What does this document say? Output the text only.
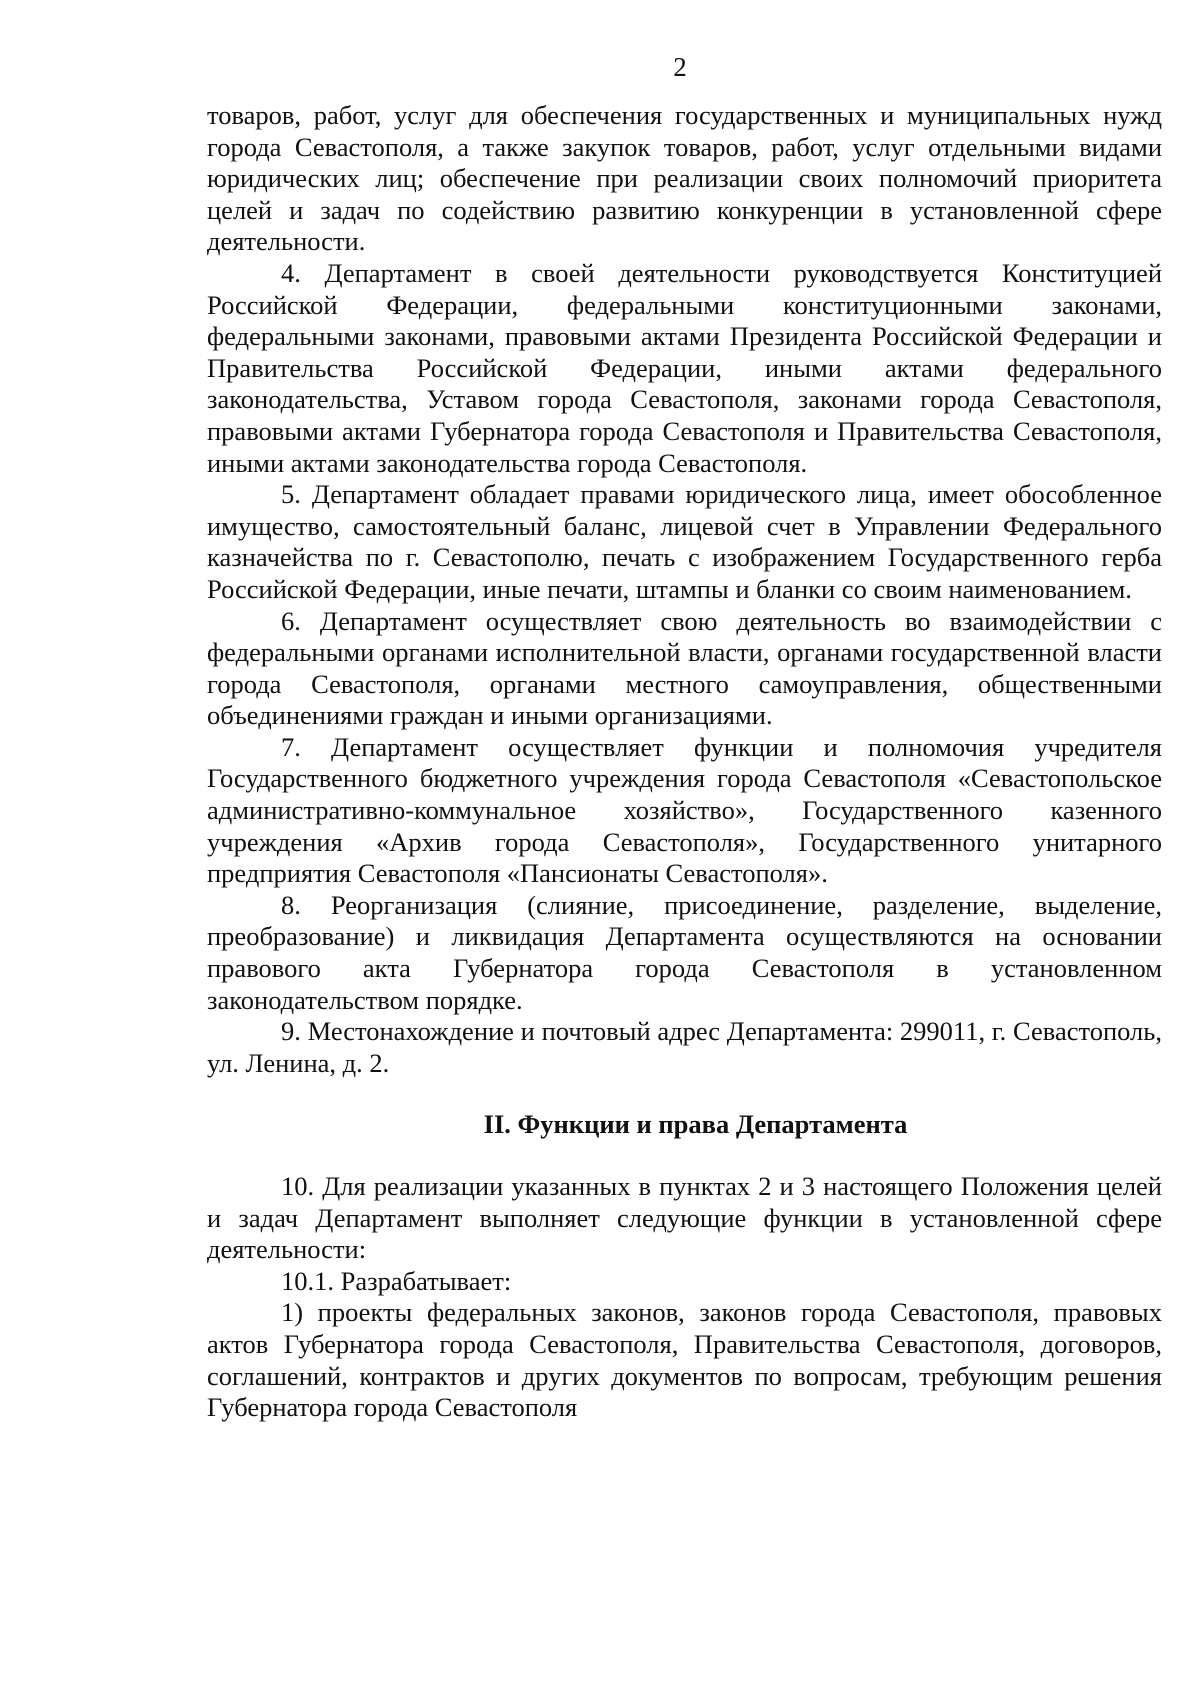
2

товаров, работ, услуг для обеспечения государственных и муниципальных нужд города Севастополя, а также закупок товаров, работ, услуг отдельными видами юридических лиц; обеспечение при реализации своих полномочий приоритета целей и задач по содействию развитию конкуренции в установленной сфере деятельности.

4. Департамент в своей деятельности руководствуется Конституцией Российской Федерации, федеральными конституционными законами, федеральными законами, правовыми актами Президента Российской Федерации и Правительства Российской Федерации, иными актами федерального законодательства, Уставом города Севастополя, законами города Севастополя, правовыми актами Губернатора города Севастополя и Правительства Севастополя, иными актами законодательства города Севастополя.

5. Департамент обладает правами юридического лица, имеет обособленное имущество, самостоятельный баланс, лицевой счет в Управлении Федерального казначейства по г. Севастополю, печать с изображением Государственного герба Российской Федерации, иные печати, штампы и бланки со своим наименованием.

6. Департамент осуществляет свою деятельность во взаимодействии с федеральными органами исполнительной власти, органами государственной власти города Севастополя, органами местного самоуправления, общественными объединениями граждан и иными организациями.

7. Департамент осуществляет функции и полномочия учредителя Государственного бюджетного учреждения города Севастополя «Севастопольское административно-коммунальное хозяйство», Государственного казенного учреждения «Архив города Севастополя», Государственного унитарного предприятия Севастополя «Пансионаты Севастополя».

8. Реорганизация (слияние, присоединение, разделение, выделение, преобразование) и ликвидация Департамента осуществляются на основании правового акта Губернатора города Севастополя в установленном законодательством порядке.

9. Местонахождение и почтовый адрес Департамента: 299011, г. Севастополь, ул. Ленина, д. 2.

II. Функции и права Департамента

10. Для реализации указанных в пунктах 2 и 3 настоящего Положения целей и задач Департамент выполняет следующие функции в установленной сфере деятельности:

10.1. Разрабатывает:

1) проекты федеральных законов, законов города Севастополя, правовых актов Губернатора города Севастополя, Правительства Севастополя, договоров, соглашений, контрактов и других документов по вопросам, требующим решения Губернатора города Севастополя
